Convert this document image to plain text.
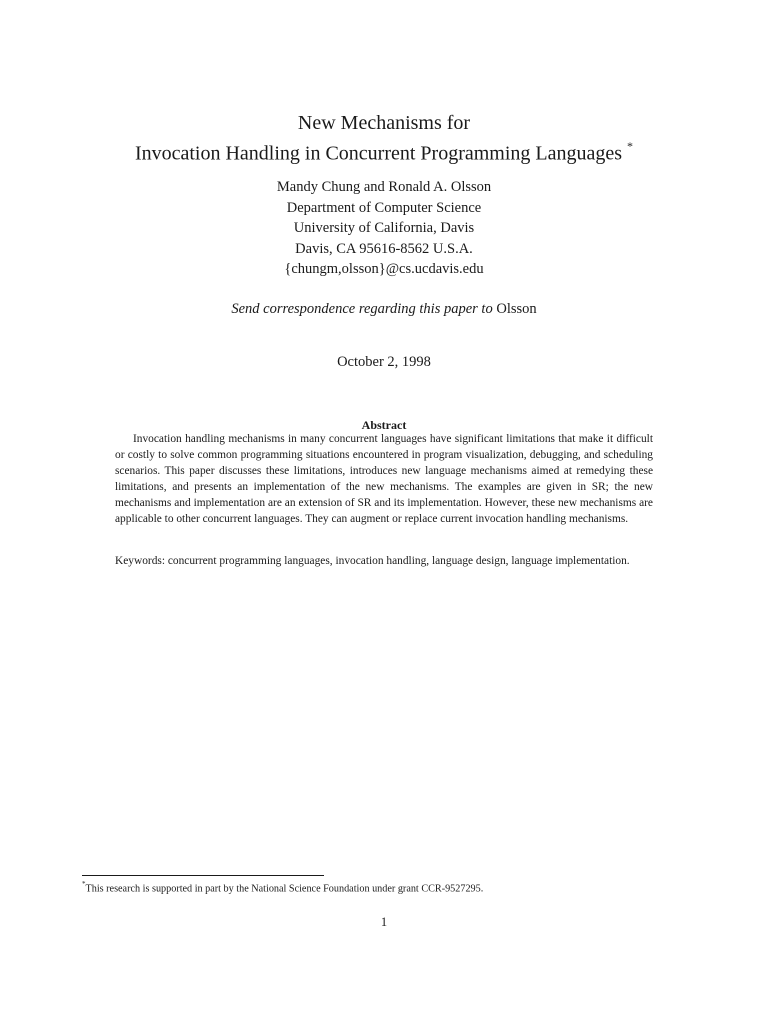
New Mechanisms for
Invocation Handling in Concurrent Programming Languages *
Mandy Chung and Ronald A. Olsson
Department of Computer Science
University of California, Davis
Davis, CA 95616-8562 U.S.A.
{chungm,olsson}@cs.ucdavis.edu
Send correspondence regarding this paper to Olsson
October 2, 1998
Abstract

Invocation handling mechanisms in many concurrent languages have significant limitations that make it difficult or costly to solve common programming situations encountered in program visualization, debugging, and scheduling scenarios. This paper discusses these limitations, introduces new language mechanisms aimed at remedying these limitations, and presents an implementation of the new mechanisms. The examples are given in SR; the new mechanisms and implementation are an extension of SR and its implementation. However, these new mechanisms are applicable to other concurrent languages. They can augment or replace current invocation handling mechanisms.

Keywords: concurrent programming languages, invocation handling, language design, language implementation.

*This research is supported in part by the National Science Foundation under grant CCR-9527295.
1
